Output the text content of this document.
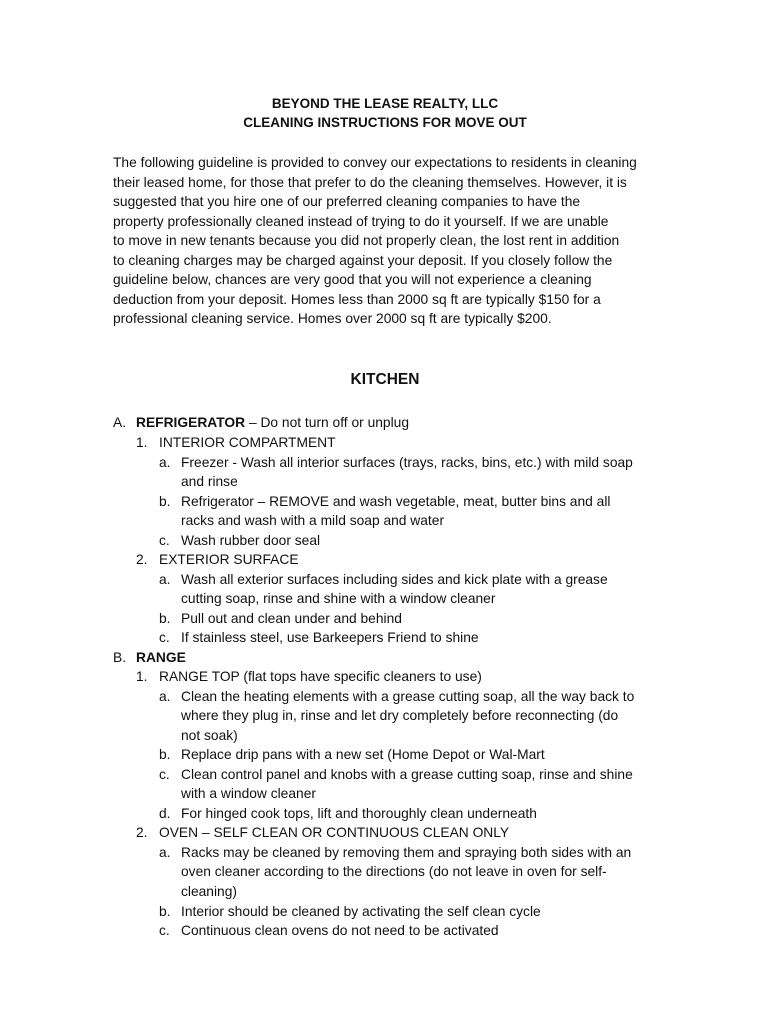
BEYOND THE LEASE REALTY, LLC
CLEANING INSTRUCTIONS FOR MOVE OUT
The following guideline is provided to convey our expectations to residents in cleaning
their leased home, for those that prefer to do the cleaning themselves. However, it is
suggested that you hire one of our preferred cleaning companies to have the
property professionally cleaned instead of trying to do it yourself. If we are unable
to move in new tenants because you did not properly clean, the lost rent in addition
to cleaning charges may be charged against your deposit. If you closely follow the
guideline below, chances are very good that you will not experience a cleaning
deduction from your deposit. Homes less than 2000 sq ft are typically $150 for a
professional cleaning service. Homes over 2000 sq ft are typically $200.
KITCHEN
A. REFRIGERATOR – Do not turn off or unplug
1. INTERIOR COMPARTMENT
a. Freezer - Wash all interior surfaces (trays, racks, bins, etc.) with mild soap
and rinse
b. Refrigerator – REMOVE and wash vegetable, meat, butter bins and all
racks and wash with a mild soap and water
c. Wash rubber door seal
2. EXTERIOR SURFACE
a. Wash all exterior surfaces including sides and kick plate with a grease
cutting soap, rinse and shine with a window cleaner
b. Pull out and clean under and behind
c. If stainless steel, use Barkeepers Friend to shine
B. RANGE
1. RANGE TOP (flat tops have specific cleaners to use)
a. Clean the heating elements with a grease cutting soap, all the way back to
where they plug in, rinse and let dry completely before reconnecting (do
not soak)
b. Replace drip pans with a new set (Home Depot or Wal-Mart
c. Clean control panel and knobs with a grease cutting soap, rinse and shine
with a window cleaner
d. For hinged cook tops, lift and thoroughly clean underneath
2. OVEN – SELF CLEAN OR CONTINUOUS CLEAN ONLY
a. Racks may be cleaned by removing them and spraying both sides with an
oven cleaner according to the directions (do not leave in oven for self-
cleaning)
b. Interior should be cleaned by activating the self clean cycle
c. Continuous clean ovens do not need to be activated
